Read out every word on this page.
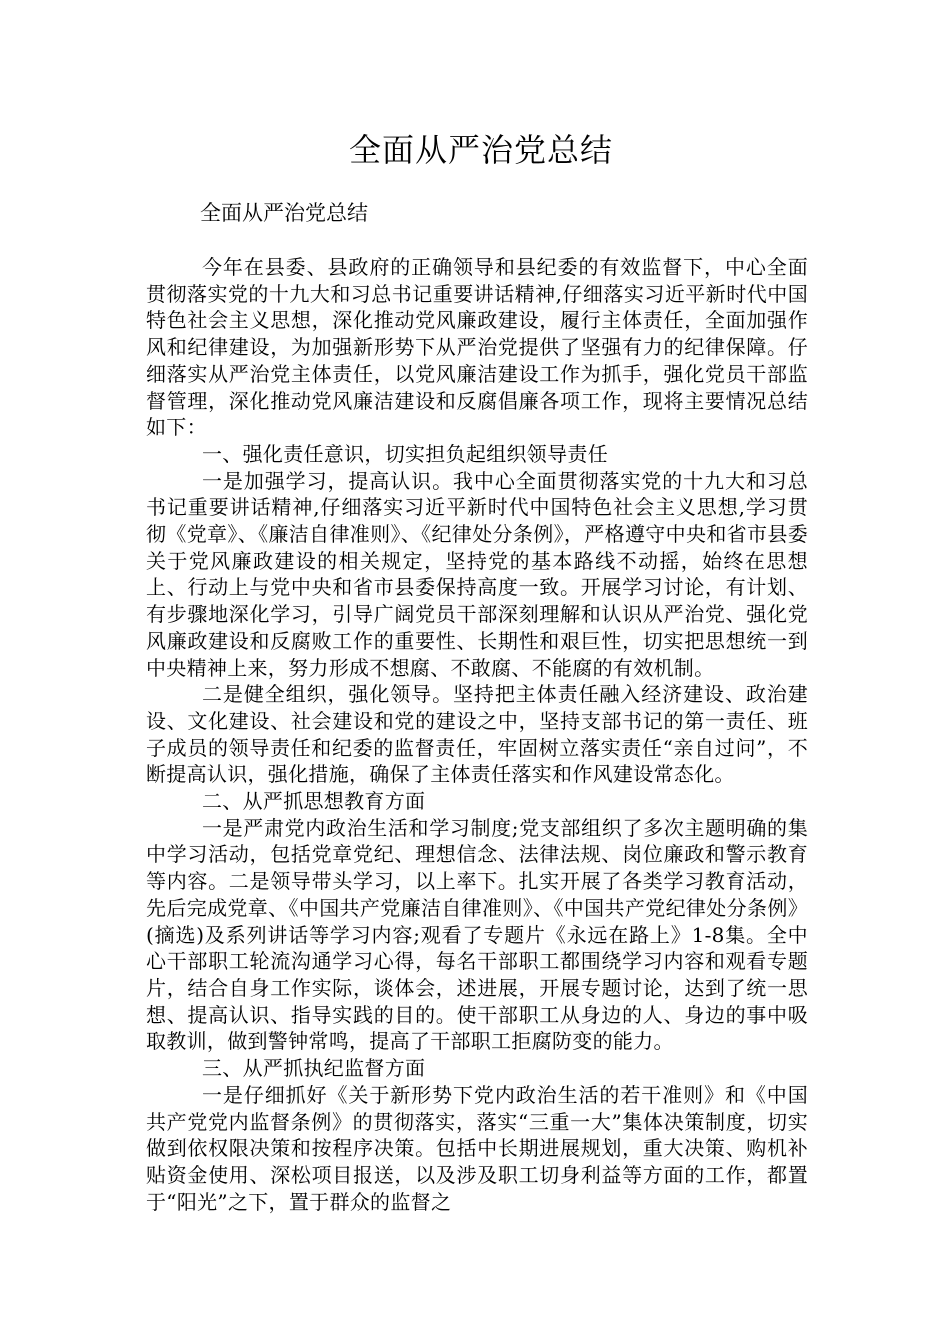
全面从严治党总结
全面从严治党总结

今年在县委、县政府的正确领导和县纪委的有效监督下，中心全面贯彻落实党的十九大和习总书记重要讲话精神,仔细落实习近平新时代中国特色社会主义思想，深化推动党风廉政建设，履行主体责任，全面加强作风和纪律建设，为加强新形势下从严治党提供了坚强有力的纪律保障。仔细落实从严治党主体责任，以党风廉洁建设工作为抓手，强化党员干部监督管理，深化推动党风廉洁建设和反腐倡廉各项工作，现将主要情况总结如下：

一、强化责任意识，切实担负起组织领导责任

一是加强学习，提高认识。我中心全面贯彻落实党的十九大和习总书记重要讲话精神,仔细落实习近平新时代中国特色社会主义思想,学习贯彻《党章》、《廉洁自律准则》、《纪律处分条例》，严格遵守中央和省市县委关于党风廉政建设的相关规定，坚持党的基本路线不动摇，始终在思想上、行动上与党中央和省市县委保持高度一致。开展学习讨论，有计划、有步骤地深化学习，引导广阔党员干部深刻理解和认识从严治党、强化党风廉政建设和反腐败工作的重要性、长期性和艰巨性，切实把思想统一到中央精神上来，努力形成不想腐、不敢腐、不能腐的有效机制。

二是健全组织，强化领导。坚持把主体责任融入经济建设、政治建设、文化建设、社会建设和党的建设之中，坚持支部书记的第一责任、班子成员的领导责任和纪委的监督责任，牢固树立落实责任“亲自过问”，不断提高认识，强化措施，确保了主体责任落实和作风建设常态化。

二、从严抓思想教育方面

一是严肃党内政治生活和学习制度;党支部组织了多次主题明确的集中学习活动，包括党章党纪、理想信念、法律法规、岗位廉政和警示教育等内容。二是领导带头学习，以上率下。扎实开展了各类学习教育活动，先后完成党章、《中国共产党廉洁自律准则》、《中国共产党纪律处分条例》(摘选)及系列讲话等学习内容;观看了专题片《永远在路上》1-8集。全中心干部职工轮流沟通学习心得，每名干部职工都围绕学习内容和观看专题片，结合自身工作实际，谈体会，述进展，开展专题讨论，达到了统一思想、提高认识、指导实践的目的。使干部职工从身边的人、身边的事中吸取教训，做到警钟常鸣，提高了干部职工拒腐防变的能力。

三、从严抓执纪监督方面

一是仔细抓好《关于新形势下党内政治生活的若干准则》和《中国共产党党内监督条例》的贯彻落实，落实“三重一大”集体决策制度，切实做到依权限决策和按程序决策。包括中长期进展规划，重大决策、购机补贴资金使用、深松项目报送，以及涉及职工切身利益等方面的工作，都置于“阳光”之下，置于群众的监督之
